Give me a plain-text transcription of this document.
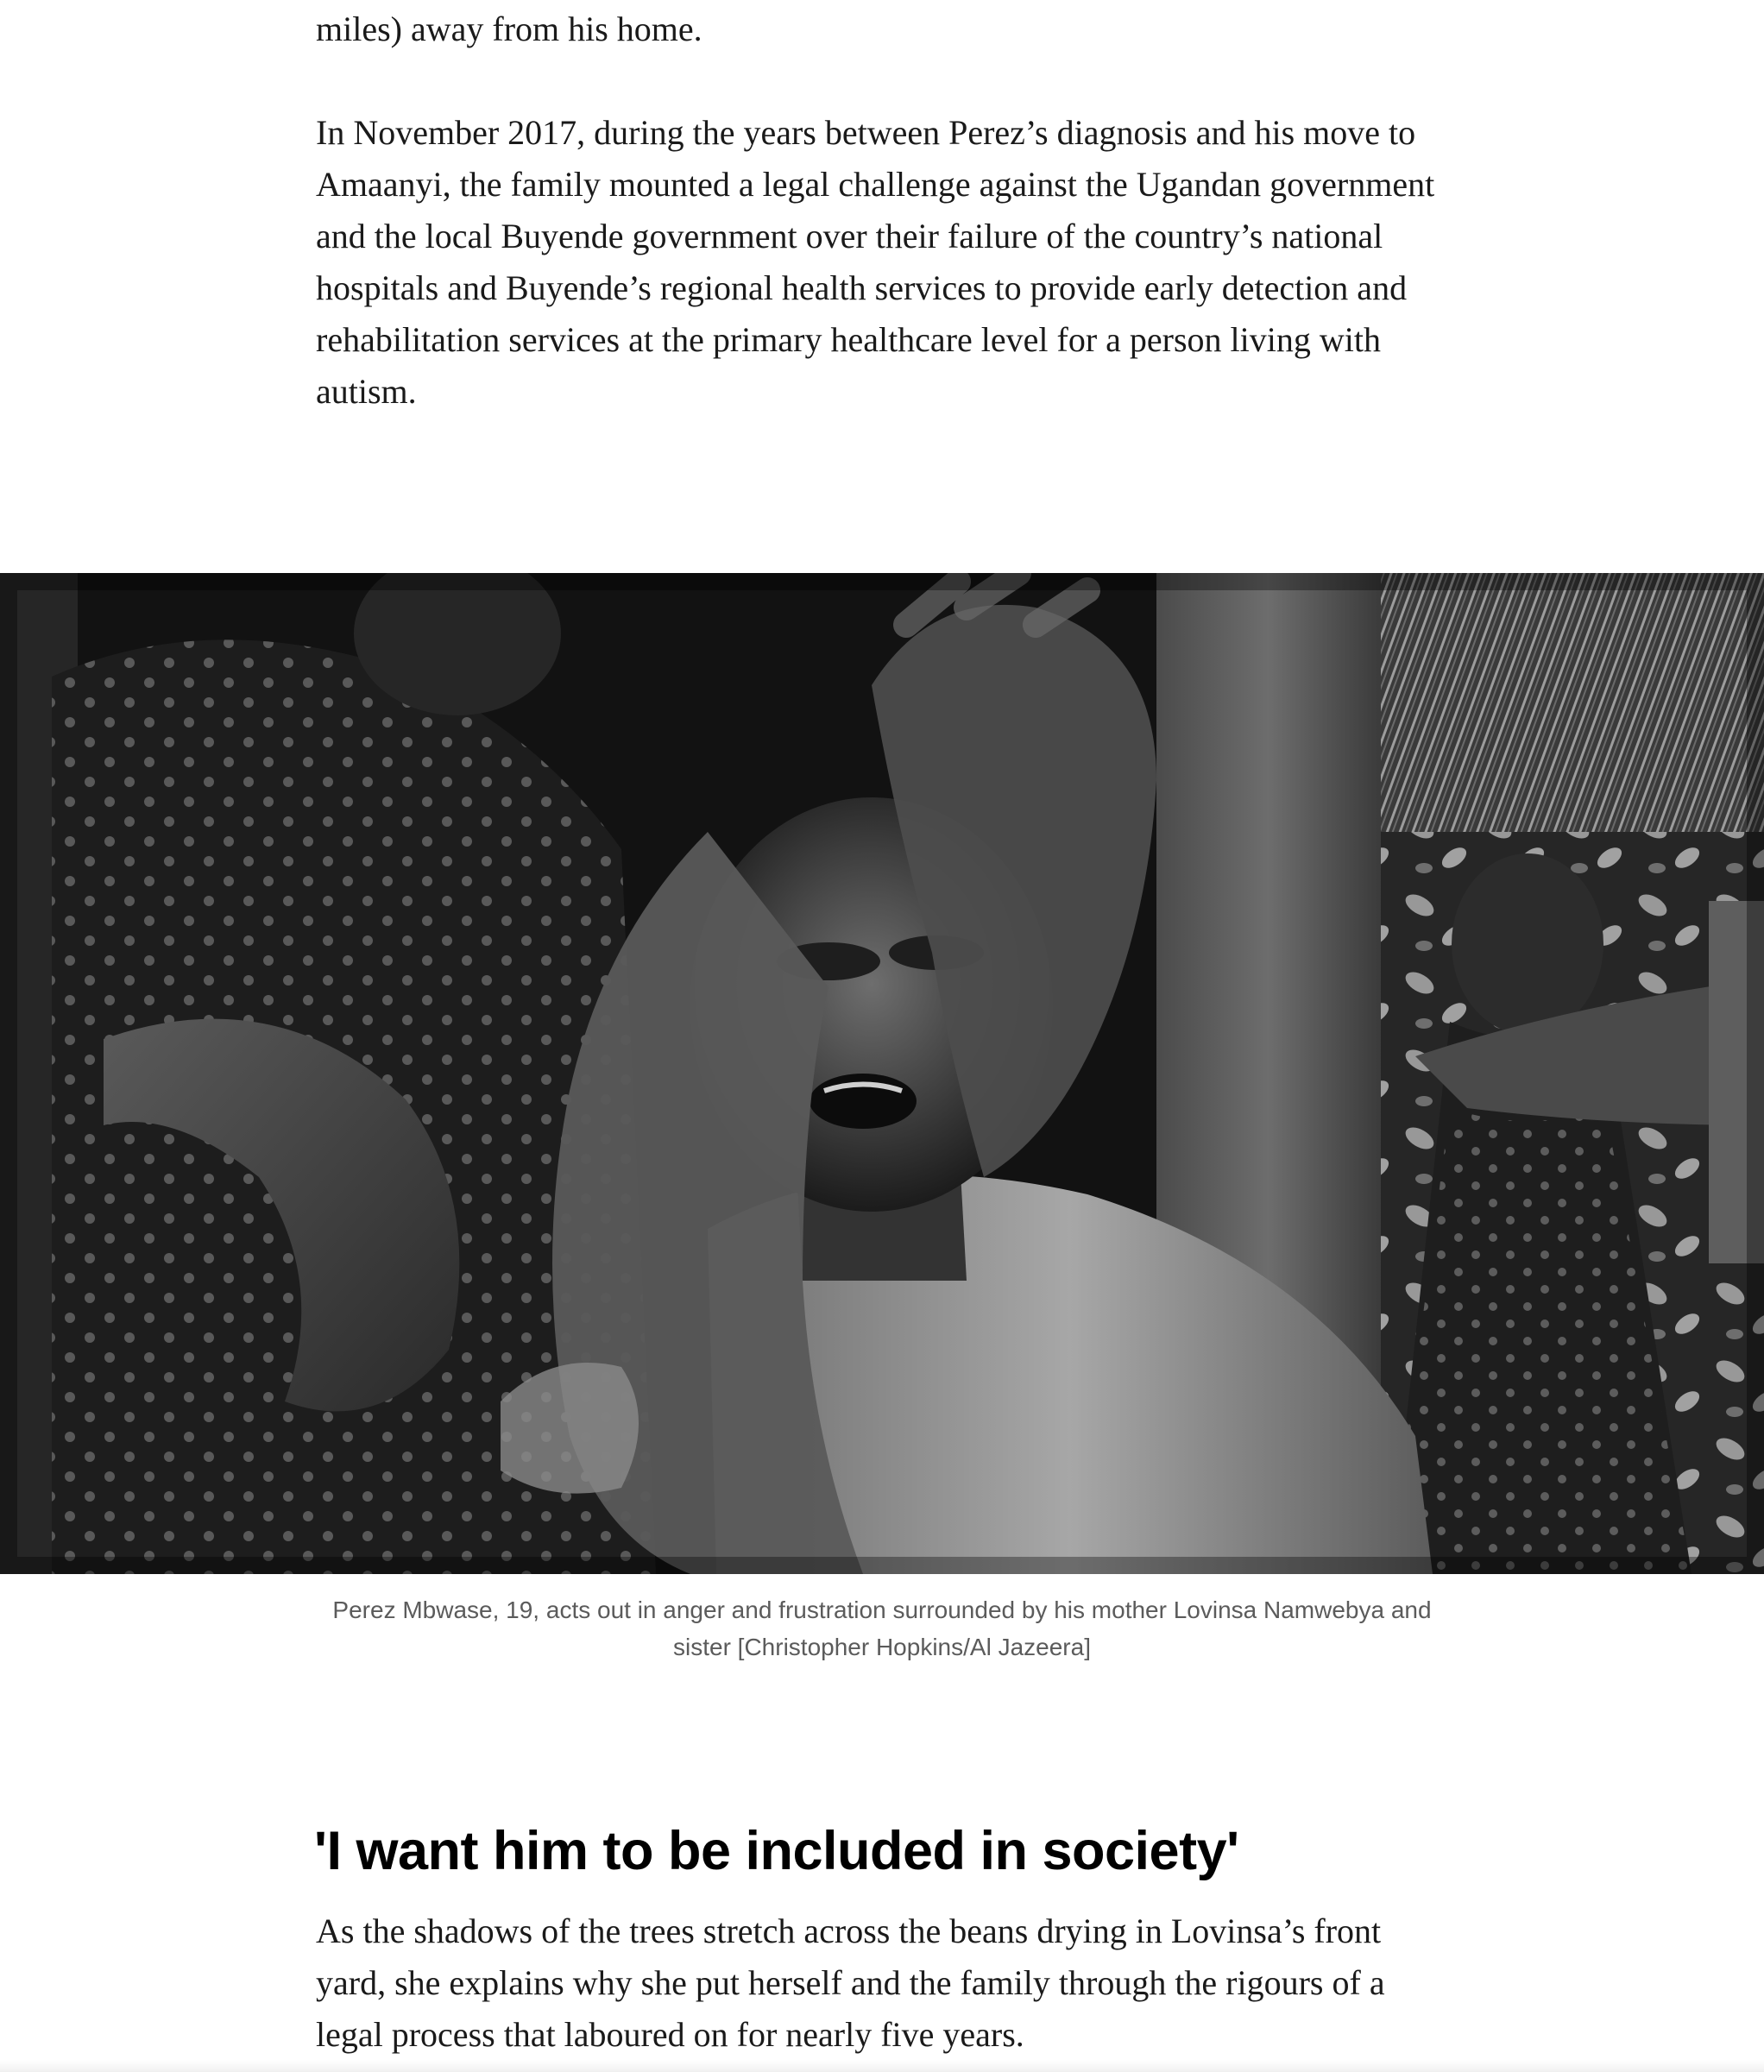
miles) away from his home.

In November 2017, during the years between Perez’s diagnosis and his move to Amaanyi, the family mounted a legal challenge against the Ugandan government and the local Buyende government over their failure of the country’s national hospitals and Buyende’s regional health services to provide early detection and rehabilitation services at the primary healthcare level for a person living with autism.

Perez Mbwase, 19, acts out in anger and frustration surrounded by his mother Lovinsa Namwebya and sister [Christopher Hopkins/Al Jazeera]

'I want him to be included in society'

As the shadows of the trees stretch across the beans drying in Lovinsa’s front yard, she explains why she put herself and the family through the rigours of a legal process that laboured on for nearly five years.
